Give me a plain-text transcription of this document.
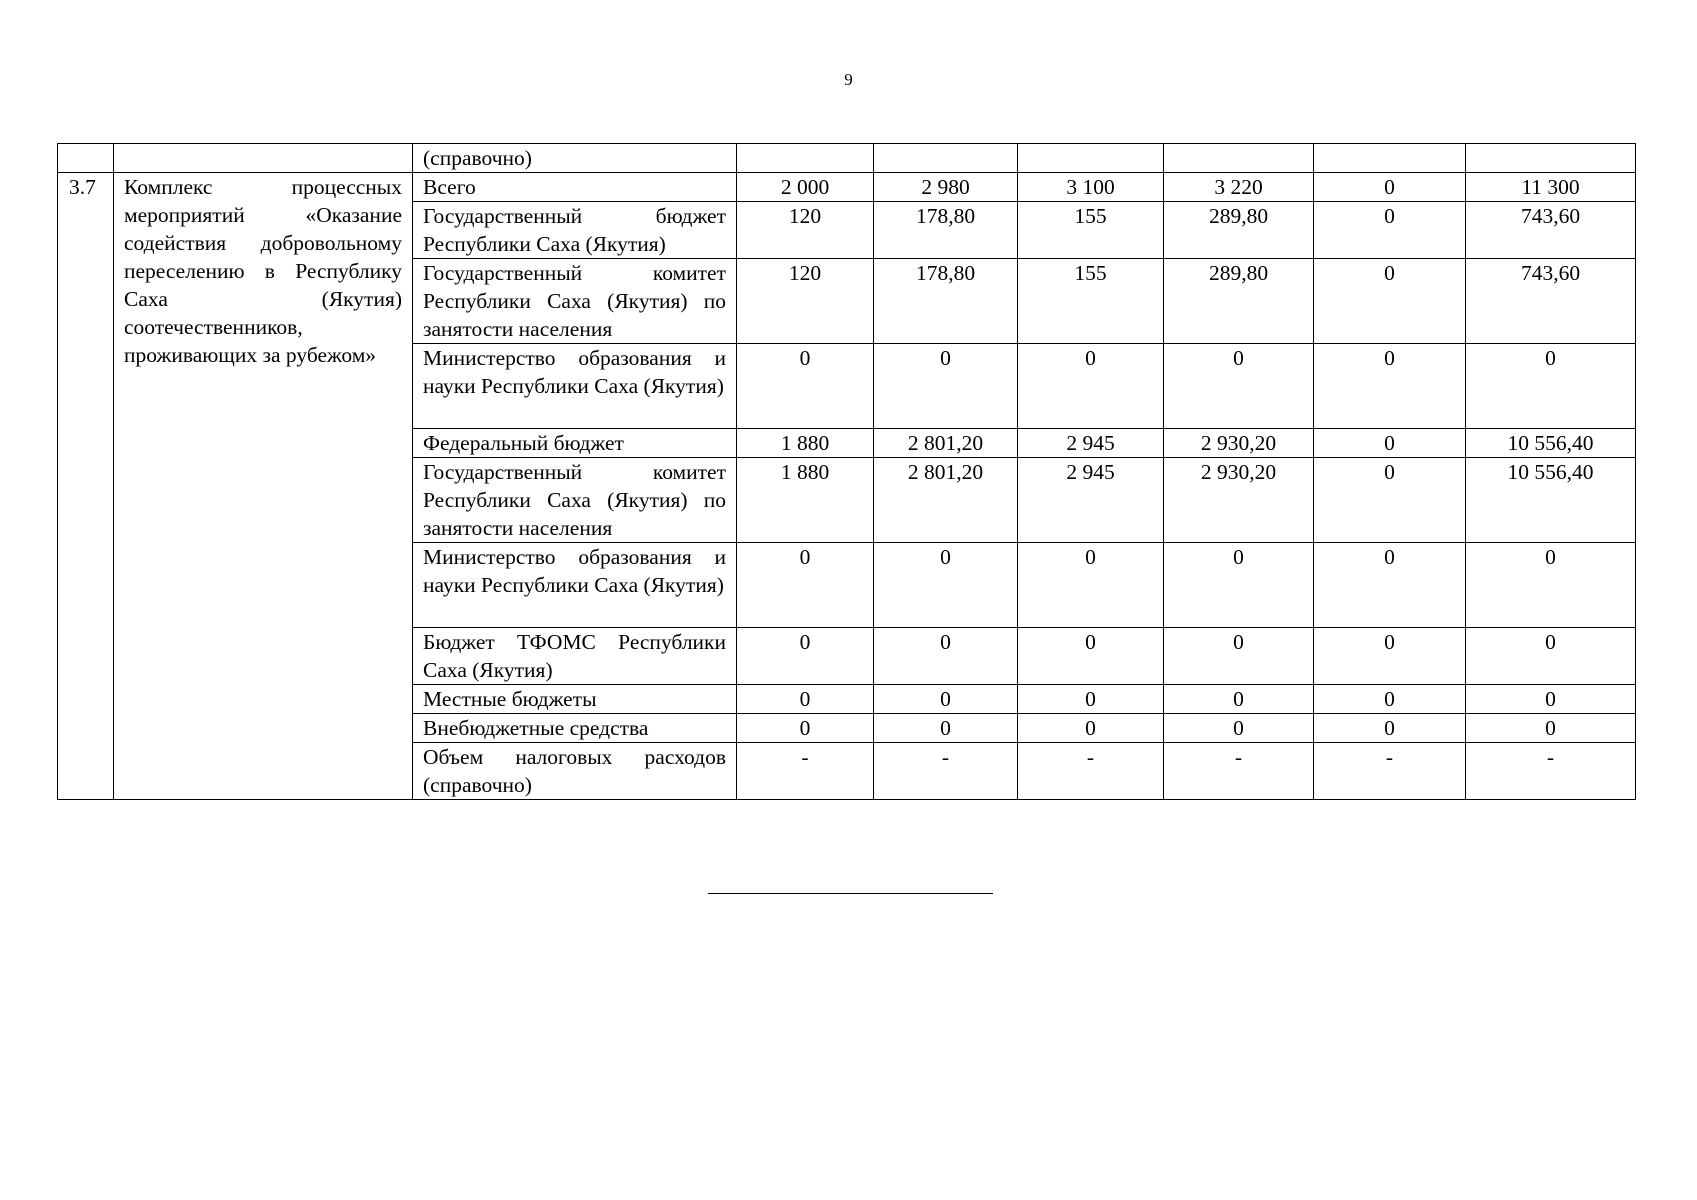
9
		(справочно)						
3.7	Комплекс процессных мероприятий «Оказание содействия добровольному переселению в Республику Саха (Якутия) соотечественников, проживающих за рубежом»	Всего	2 000	2 980	3 100	3 220	0	11 300
		Государственный бюджет Республики Саха (Якутия)	120	178,80	155	289,80	0	743,60
		Государственный комитет Республики Саха (Якутия) по занятости населения	120	178,80	155	289,80	0	743,60
		Министерство образования и науки Республики Саха (Якутия)	0	0	0	0	0	0
		Федеральный бюджет	1 880	2 801,20	2 945	2 930,20	0	10 556,40
		Государственный комитет Республики Саха (Якутия) по занятости населения	1 880	2 801,20	2 945	2 930,20	0	10 556,40
		Министерство образования и науки Республики Саха (Якутия)	0	0	0	0	0	0
		Бюджет ТФОМС Республики Саха (Якутия)	0	0	0	0	0	0
		Местные бюджеты	0	0	0	0	0	0
		Внебюджетные средства	0	0	0	0	0	0
		Объем налоговых расходов (справочно)	-	-	-	-	-	-
